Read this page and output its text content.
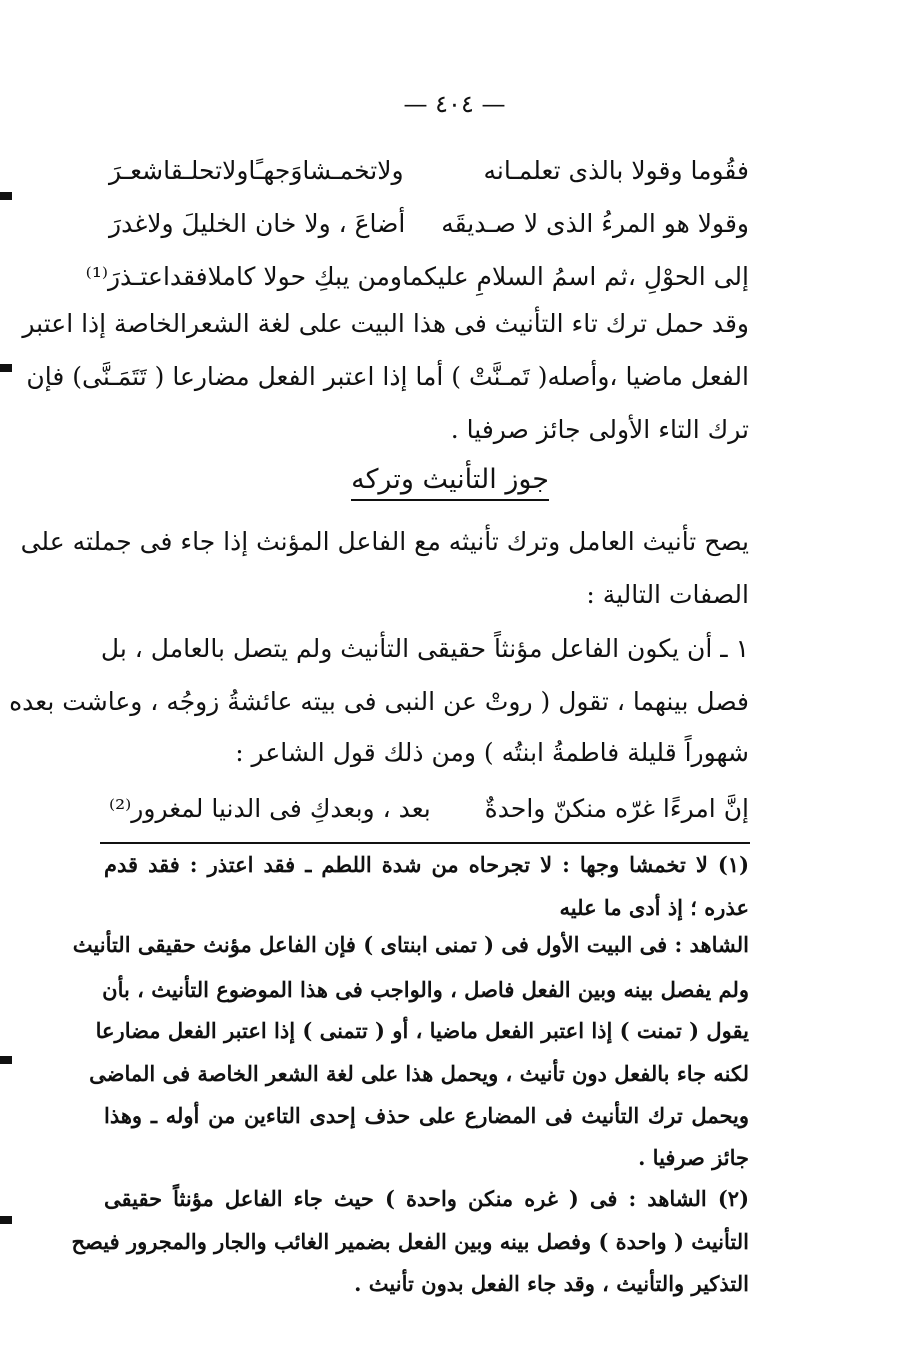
— ٤٠٤ —
فقُوما وقولا بالذى تعلمـانه
ولاتخمـشاوَجهـًاولاتحلـقاشعـرَ
وقولا هو المرءُ الذى لا صـديقَه
أضاعَ ، ولا خان الخليلَ ولاغدرَ
إلى الحوْلِ ،ثم اسمُ السلامِ عليكما
ومن يبكِ حولا كاملافقداعتـذرَ⁽¹⁾
وقد حمل ترك تاء التأنيث فى هذا البيت على لغة الشعرالخاصة إذا اعتبر
الفعل ماضيا ،وأصله( تَمـنَّتْ ) أما إذا اعتبر الفعل مضارعا ( تَتَمَـنَّى) فإن
ترك التاء الأولى جائز صرفيا .
جوز التأنيث وتركه
يصح تأنيث العامل وترك تأنيثه مع الفاعل المؤنث إذا جاء فى جملته على
الصفات التالية :
١ ـ أن يكون الفاعل مؤنثاً حقيقى التأنيث ولم يتصل بالعامل ، بل
فصل بينهما ، تقول ( روتْ عن النبى فى بيته عائشةُ زوجُه ، وعاشت بعده
شهوراً قليلة فاطمةُ ابنتُه ) ومن ذلك قول الشاعر :
إنَّ امرءًا غرّه منكنّ واحدةٌ
بعد ، وبعدكِ فى الدنيا لمغرور⁽²⁾
(١) لا تخمشا وجها : لا تجرحاه من شدة اللطم ـ فقد اعتذر : فقد قدم
عذره ؛ إذ أدى ما عليه
الشاهد : فى البيت الأول فى ( تمنى ابنتاى ) فإن الفاعل مؤنث حقيقى التأنيث
ولم يفصل بينه وبين الفعل فاصل ، والواجب فى هذا الموضوع التأنيث ، بأن
يقول ( تمنت ) إذا اعتبر الفعل ماضيا ، أو ( تتمنى ) إذا اعتبر الفعل مضارعا
لكنه جاء بالفعل دون تأنيث ، ويحمل هذا على لغة الشعر الخاصة فى الماضى
ويحمل ترك التأنيث فى المضارع على حذف إحدى التاءين من أوله ـ وهذا
جائز صرفيا .
(٢) الشاهد : فى ( غره منكن واحدة ) حيث جاء الفاعل مؤنثاً حقيقى
التأنيث ( واحدة ) وفصل بينه وبين الفعل بضمير الغائب والجار والمجرور فيصح
التذكير والتأنيث ، وقد جاء الفعل بدون تأنيث .
